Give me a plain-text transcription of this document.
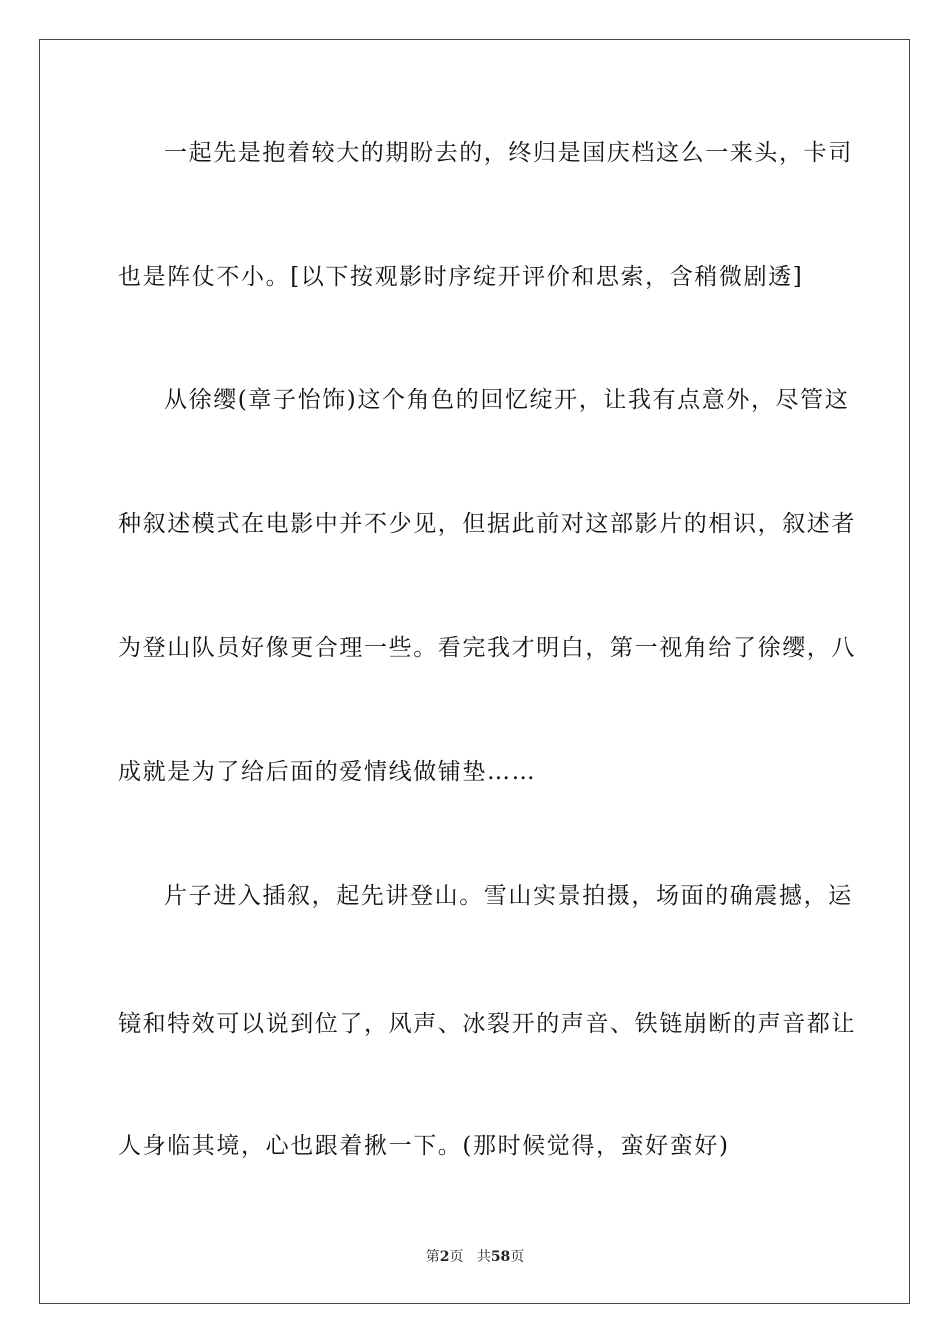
一起先是抱着较大的期盼去的，终归是国庆档这么一来头，卡司
也是阵仗不小。[以下按观影时序绽开评价和思索，含稍微剧透]
从徐缨(章子怡饰)这个角色的回忆绽开，让我有点意外，尽管这
种叙述模式在电影中并不少见，但据此前对这部影片的相识，叙述者
为登山队员好像更合理一些。看完我才明白，第一视角给了徐缨，八
成就是为了给后面的爱情线做铺垫……
片子进入插叙，起先讲登山。雪山实景拍摄，场面的确震撼，运
镜和特效可以说到位了，风声、冰裂开的声音、铁链崩断的声音都让
人身临其境，心也跟着揪一下。(那时候觉得，蛮好蛮好)
第2页 共58页
